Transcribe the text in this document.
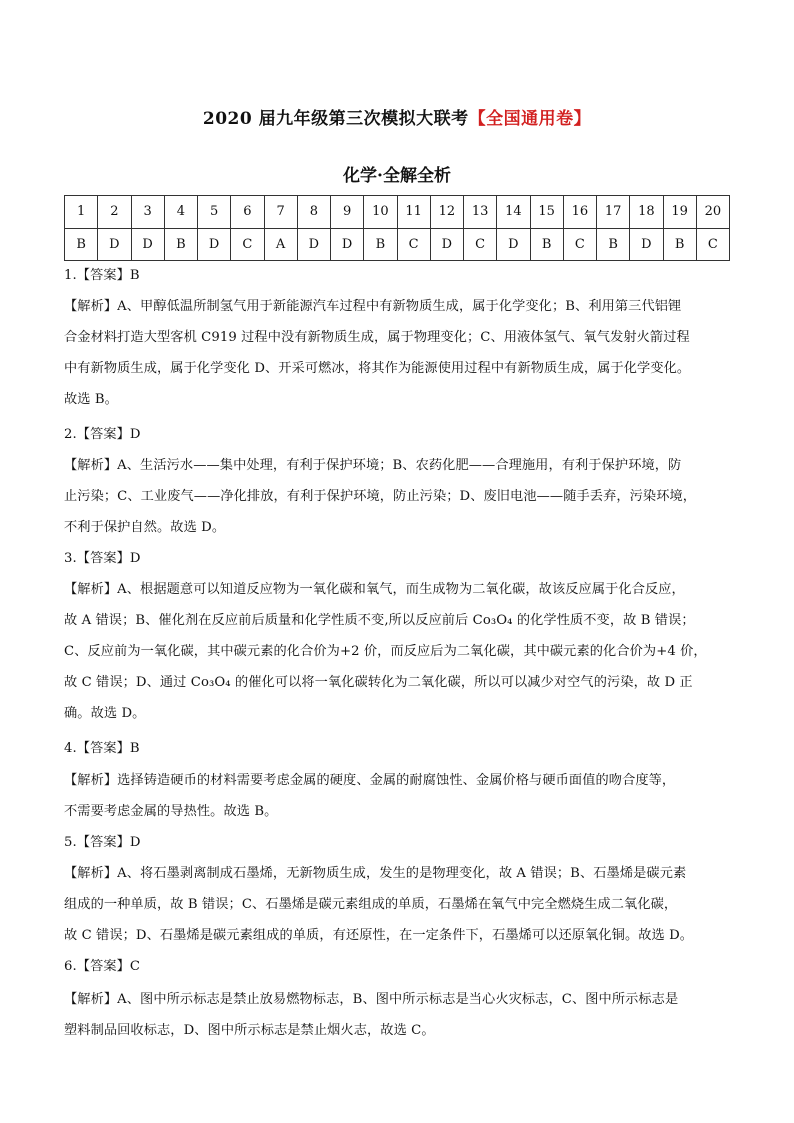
2020 届九年级第三次模拟大联考【全国通用卷】
化学·全解全析
1	2	3	4	5	6	7	8	9	10	11	12	13	14	15	16	17	18	19	20
B	D	D	B	D	C	A	D	D	B	C	D	C	D	B	C	B	D	B	C
1.【答案】B
【解析】A、甲醇低温所制氢气用于新能源汽车过程中有新物质生成，属于化学变化；B、利用第三代铝锂
合金材料打造大型客机 C919 过程中没有新物质生成，属于物理变化；C、用液体氢气、氧气发射火箭过程
中有新物质生成，属于化学变化 D、开采可燃冰，将其作为能源使用过程中有新物质生成，属于化学变化。
故选 B。
2.【答案】D
【解析】A、生活污水——集中处理，有利于保护环境；B、农药化肥——合理施用，有利于保护环境，防
止污染；C、工业废气——净化排放，有利于保护环境，防止污染；D、废旧电池——随手丢弃，污染环境，
不利于保护自然。故选 D。
3.【答案】D
【解析】A、根据题意可以知道反应物为一氧化碳和氧气，而生成物为二氧化碳，故该反应属于化合反应，
故 A 错误；B、催化剂在反应前后质量和化学性质不变,所以反应前后 Co₃O₄ 的化学性质不变，故 B 错误；
C、反应前为一氧化碳，其中碳元素的化合价为+2 价，而反应后为二氧化碳，其中碳元素的化合价为+4 价，
故 C 错误；D、通过 Co₃O₄ 的催化可以将一氧化碳转化为二氧化碳，所以可以减少对空气的污染，故 D 正
确。故选 D。
4.【答案】B
【解析】选择铸造硬币的材料需要考虑金属的硬度、金属的耐腐蚀性、金属价格与硬币面值的吻合度等，
不需要考虑金属的导热性。故选 B。
5.【答案】D
【解析】A、将石墨剥离制成石墨烯，无新物质生成，发生的是物理变化，故 A 错误；B、石墨烯是碳元素
组成的一种单质，故 B 错误；C、石墨烯是碳元素组成的单质，石墨烯在氧气中完全燃烧生成二氧化碳，
故 C 错误；D、石墨烯是碳元素组成的单质，有还原性，在一定条件下，石墨烯可以还原氧化铜。故选 D。
6.【答案】C
【解析】A、图中所示标志是禁止放易燃物标志，B、图中所示标志是当心火灾标志，C、图中所示标志是
塑料制品回收标志，D、图中所示标志是禁止烟火志，故选 C。
